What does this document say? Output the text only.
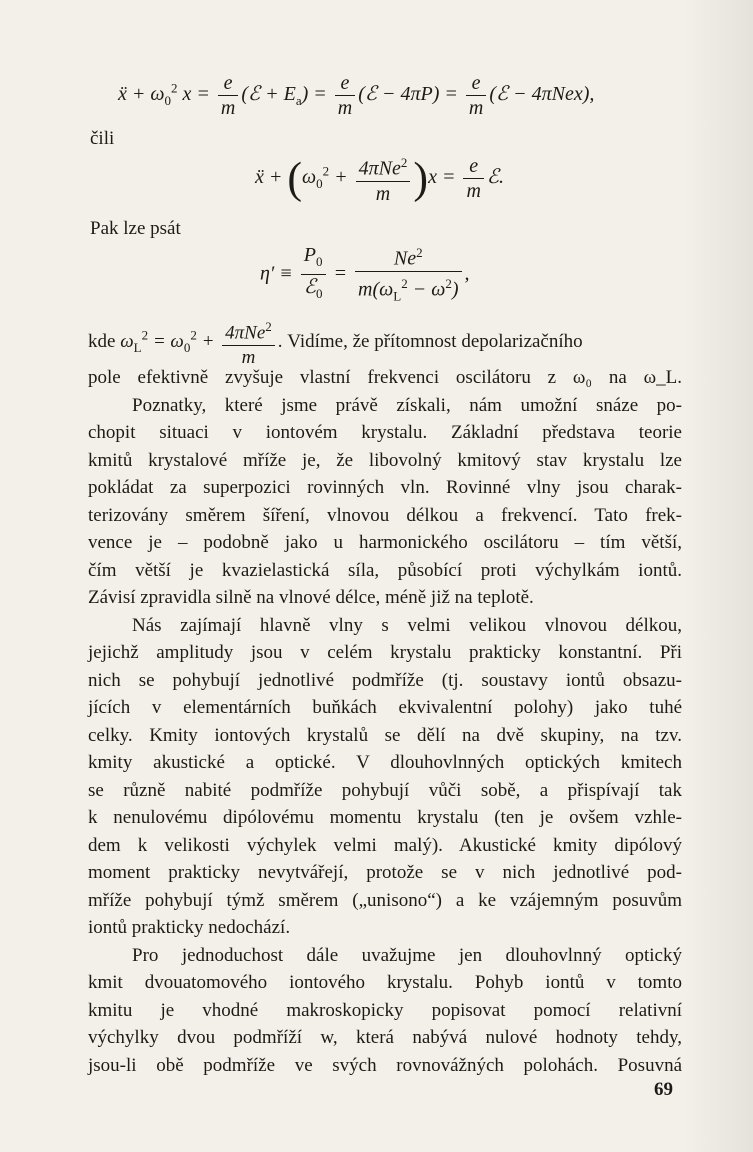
ẍ + $\omega_0^2$ $x = \frac{e}{m}$ (ℰ + $E_a) = \frac{e}{m}$ (ℰ − $4\pi P) = \frac{e}{m}$ (ℰ − 4πNex),
čili
ẍ + $(\omega_0^2 + \frac{4\pi Ne^2}{m} )x = \frac{e}{m}$ ℰ.
Pak lze psát
$\eta' \equiv \frac{P_0}{ℰ_0} = \frac{Ne^2}{m(\omega_L^2 - \omega^2)}$ ,
kde $\omega_L^2 = \omega_0^2 + \frac{4\pi Ne^2}{m}$ . Vidíme, že přítomnost depolarizačního
pole efektivně zvyšuje vlastní frekvenci oscilátoru z ω₀ na ω_L.
Poznatky, které jsme právě získali, nám umožní snáze po-
chopit situaci v iontovém krystalu. Základní představa teorie
kmitů krystalové mříže je, že libovolný kmitový stav krystalu lze
pokládat za superpozici rovinných vln. Rovinné vlny jsou charak-
terizovány směrem šíření, vlnovou délkou a frekvencí. Tato frek-
vence je – podobně jako u harmonického oscilátoru – tím větší,
čím větší je kvazielastická síla, působící proti výchylkám iontů.
Závisí zpravidla silně na vlnové délce, méně již na teplotě.
Nás zajímají hlavně vlny s velmi velikou vlnovou délkou,
jejichž amplitudy jsou v celém krystalu prakticky konstantní. Při
nich se pohybují jednotlivé podmříže (tj. soustavy iontů obsazu-
jících v elementárních buňkách ekvivalentní polohy) jako tuhé
celky. Kmity iontových krystalů se dělí na dvě skupiny, na tzv.
kmity akustické a optické. V dlouhovlnných optických kmitech
se různě nabité podmříže pohybují vůči sobě, a přispívají tak
k nenulovému dipólovému momentu krystalu (ten je ovšem vzhle-
dem k velikosti výchylek velmi malý). Akustické kmity dipólový
moment prakticky nevytvářejí, protože se v nich jednotlivé pod-
mříže pohybují týmž směrem („unisono“) a ke vzájemným posuvům
iontů prakticky nedochází.
Pro jednoduchost dále uvažujme jen dlouhovlnný optický
kmit dvouatomového iontového krystalu. Pohyb iontů v tomto
kmitu je vhodné makroskopicky popisovat pomocí relativní
výchylky dvou podmříží w, která nabývá nulové hodnoty tehdy,
jsou-li obě podmříže ve svých rovnovážných polohách. Posuvná
69
